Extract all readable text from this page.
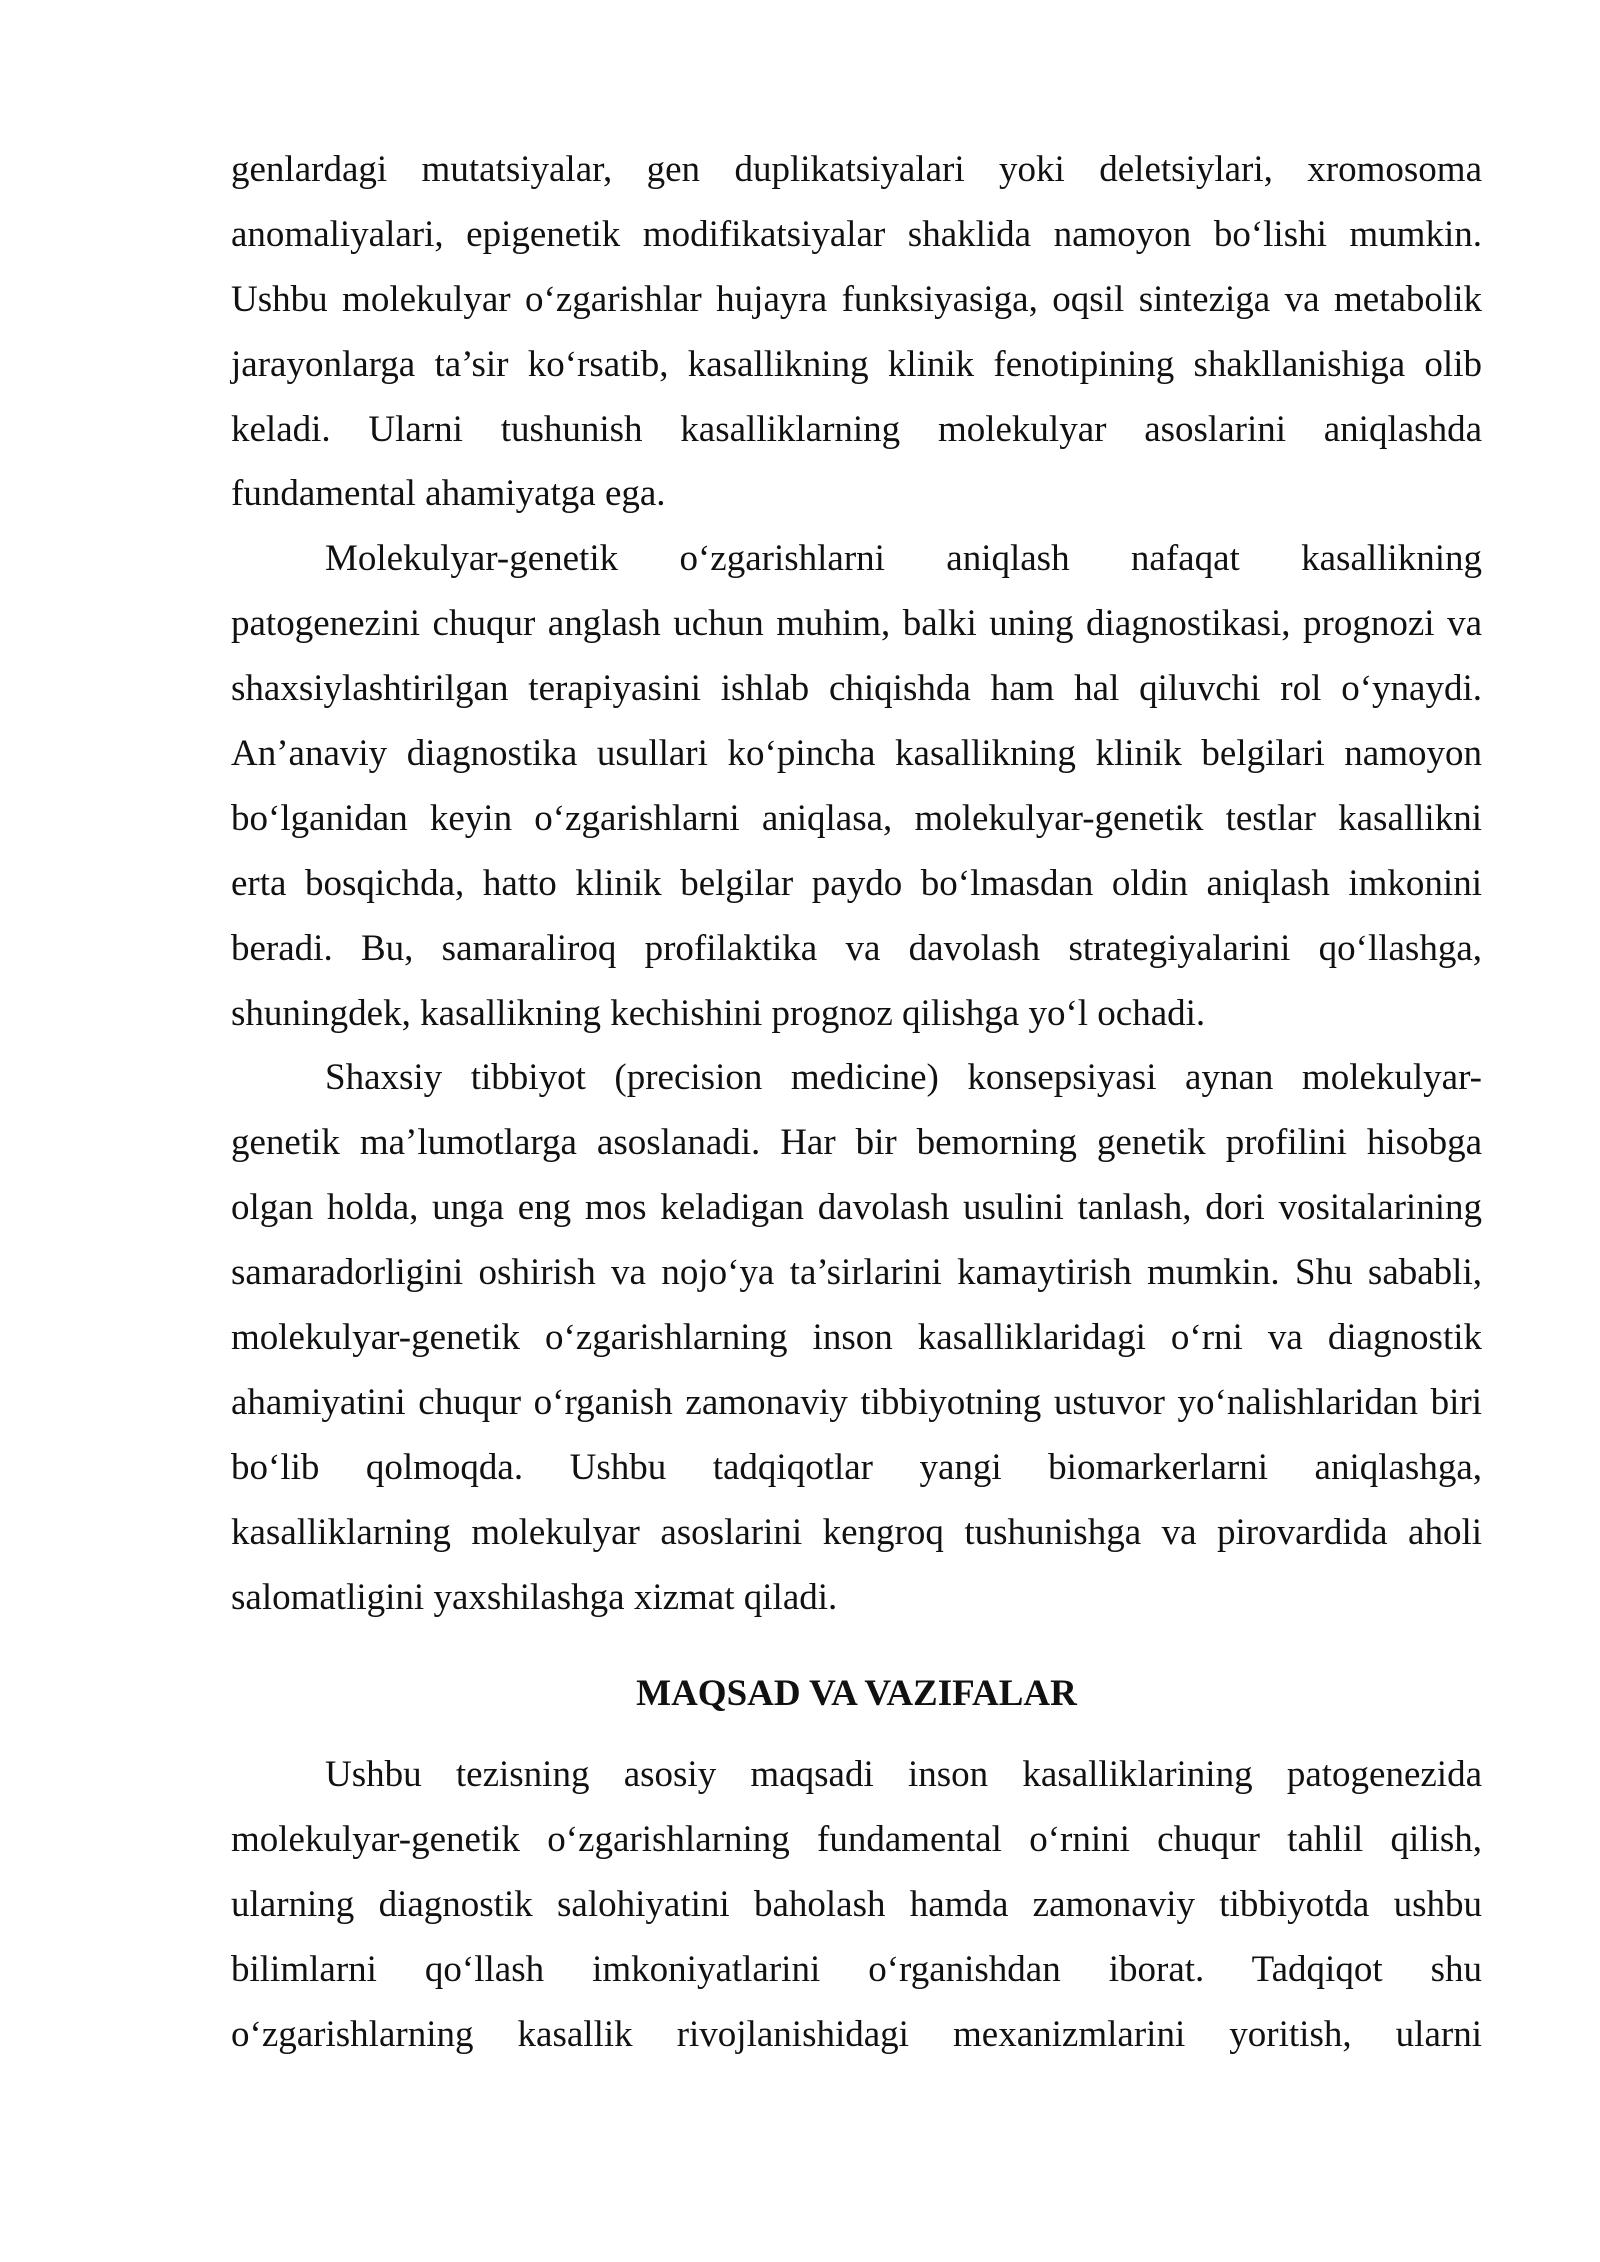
genlardagi mutatsiyalar, gen duplikatsiyalari yoki deletsiylari, xromosoma
anomaliyalari, epigenetik modifikatsiyalar shaklida namoyon bo‘lishi mumkin.
Ushbu molekulyar o‘zgarishlar hujayra funksiyasiga, oqsil sinteziga va metabolik
jarayonlarga ta’sir ko‘rsatib, kasallikning klinik fenotipining shakllanishiga olib
keladi. Ularni tushunish kasalliklarning molekulyar asoslarini aniqlashda
fundamental ahamiyatga ega.
Molekulyar-genetik o‘zgarishlarni aniqlash nafaqat kasallikning
patogenezini chuqur anglash uchun muhim, balki uning diagnostikasi, prognozi va
shaxsiylashtirilgan terapiyasini ishlab chiqishda ham hal qiluvchi rol o‘ynaydi.
An’anaviy diagnostika usullari ko‘pincha kasallikning klinik belgilari namoyon
bo‘lganidan keyin o‘zgarishlarni aniqlasa, molekulyar-genetik testlar kasallikni
erta bosqichda, hatto klinik belgilar paydo bo‘lmasdan oldin aniqlash imkonini
beradi. Bu, samaraliroq profilaktika va davolash strategiyalarini qo‘llashga,
shuningdek, kasallikning kechishini prognoz qilishga yo‘l ochadi.
Shaxsiy tibbiyot (precision medicine) konsepsiyasi aynan molekulyar-
genetik ma’lumotlarga asoslanadi. Har bir bemorning genetik profilini hisobga
olgan holda, unga eng mos keladigan davolash usulini tanlash, dori vositalarining
samaradorligini oshirish va nojo‘ya ta’sirlarini kamaytirish mumkin. Shu sababli,
molekulyar-genetik o‘zgarishlarning inson kasalliklaridagi o‘rni va diagnostik
ahamiyatini chuqur o‘rganish zamonaviy tibbiyotning ustuvor yo‘nalishlaridan biri
bo‘lib qolmoqda. Ushbu tadqiqotlar yangi biomarkerlarni aniqlashga,
kasalliklarning molekulyar asoslarini kengroq tushunishga va pirovardida aholi
salomatligini yaxshilashga xizmat qiladi.
MAQSAD VA VAZIFALAR
Ushbu tezisning asosiy maqsadi inson kasalliklarining patogenezida
molekulyar-genetik o‘zgarishlarning fundamental o‘rnini chuqur tahlil qilish,
ularning diagnostik salohiyatini baholash hamda zamonaviy tibbiyotda ushbu
bilimlarni qo‘llash imkoniyatlarini o‘rganishdan iborat. Tadqiqot shu
o‘zgarishlarning kasallik rivojlanishidagi mexanizmlarini yoritish, ularni
